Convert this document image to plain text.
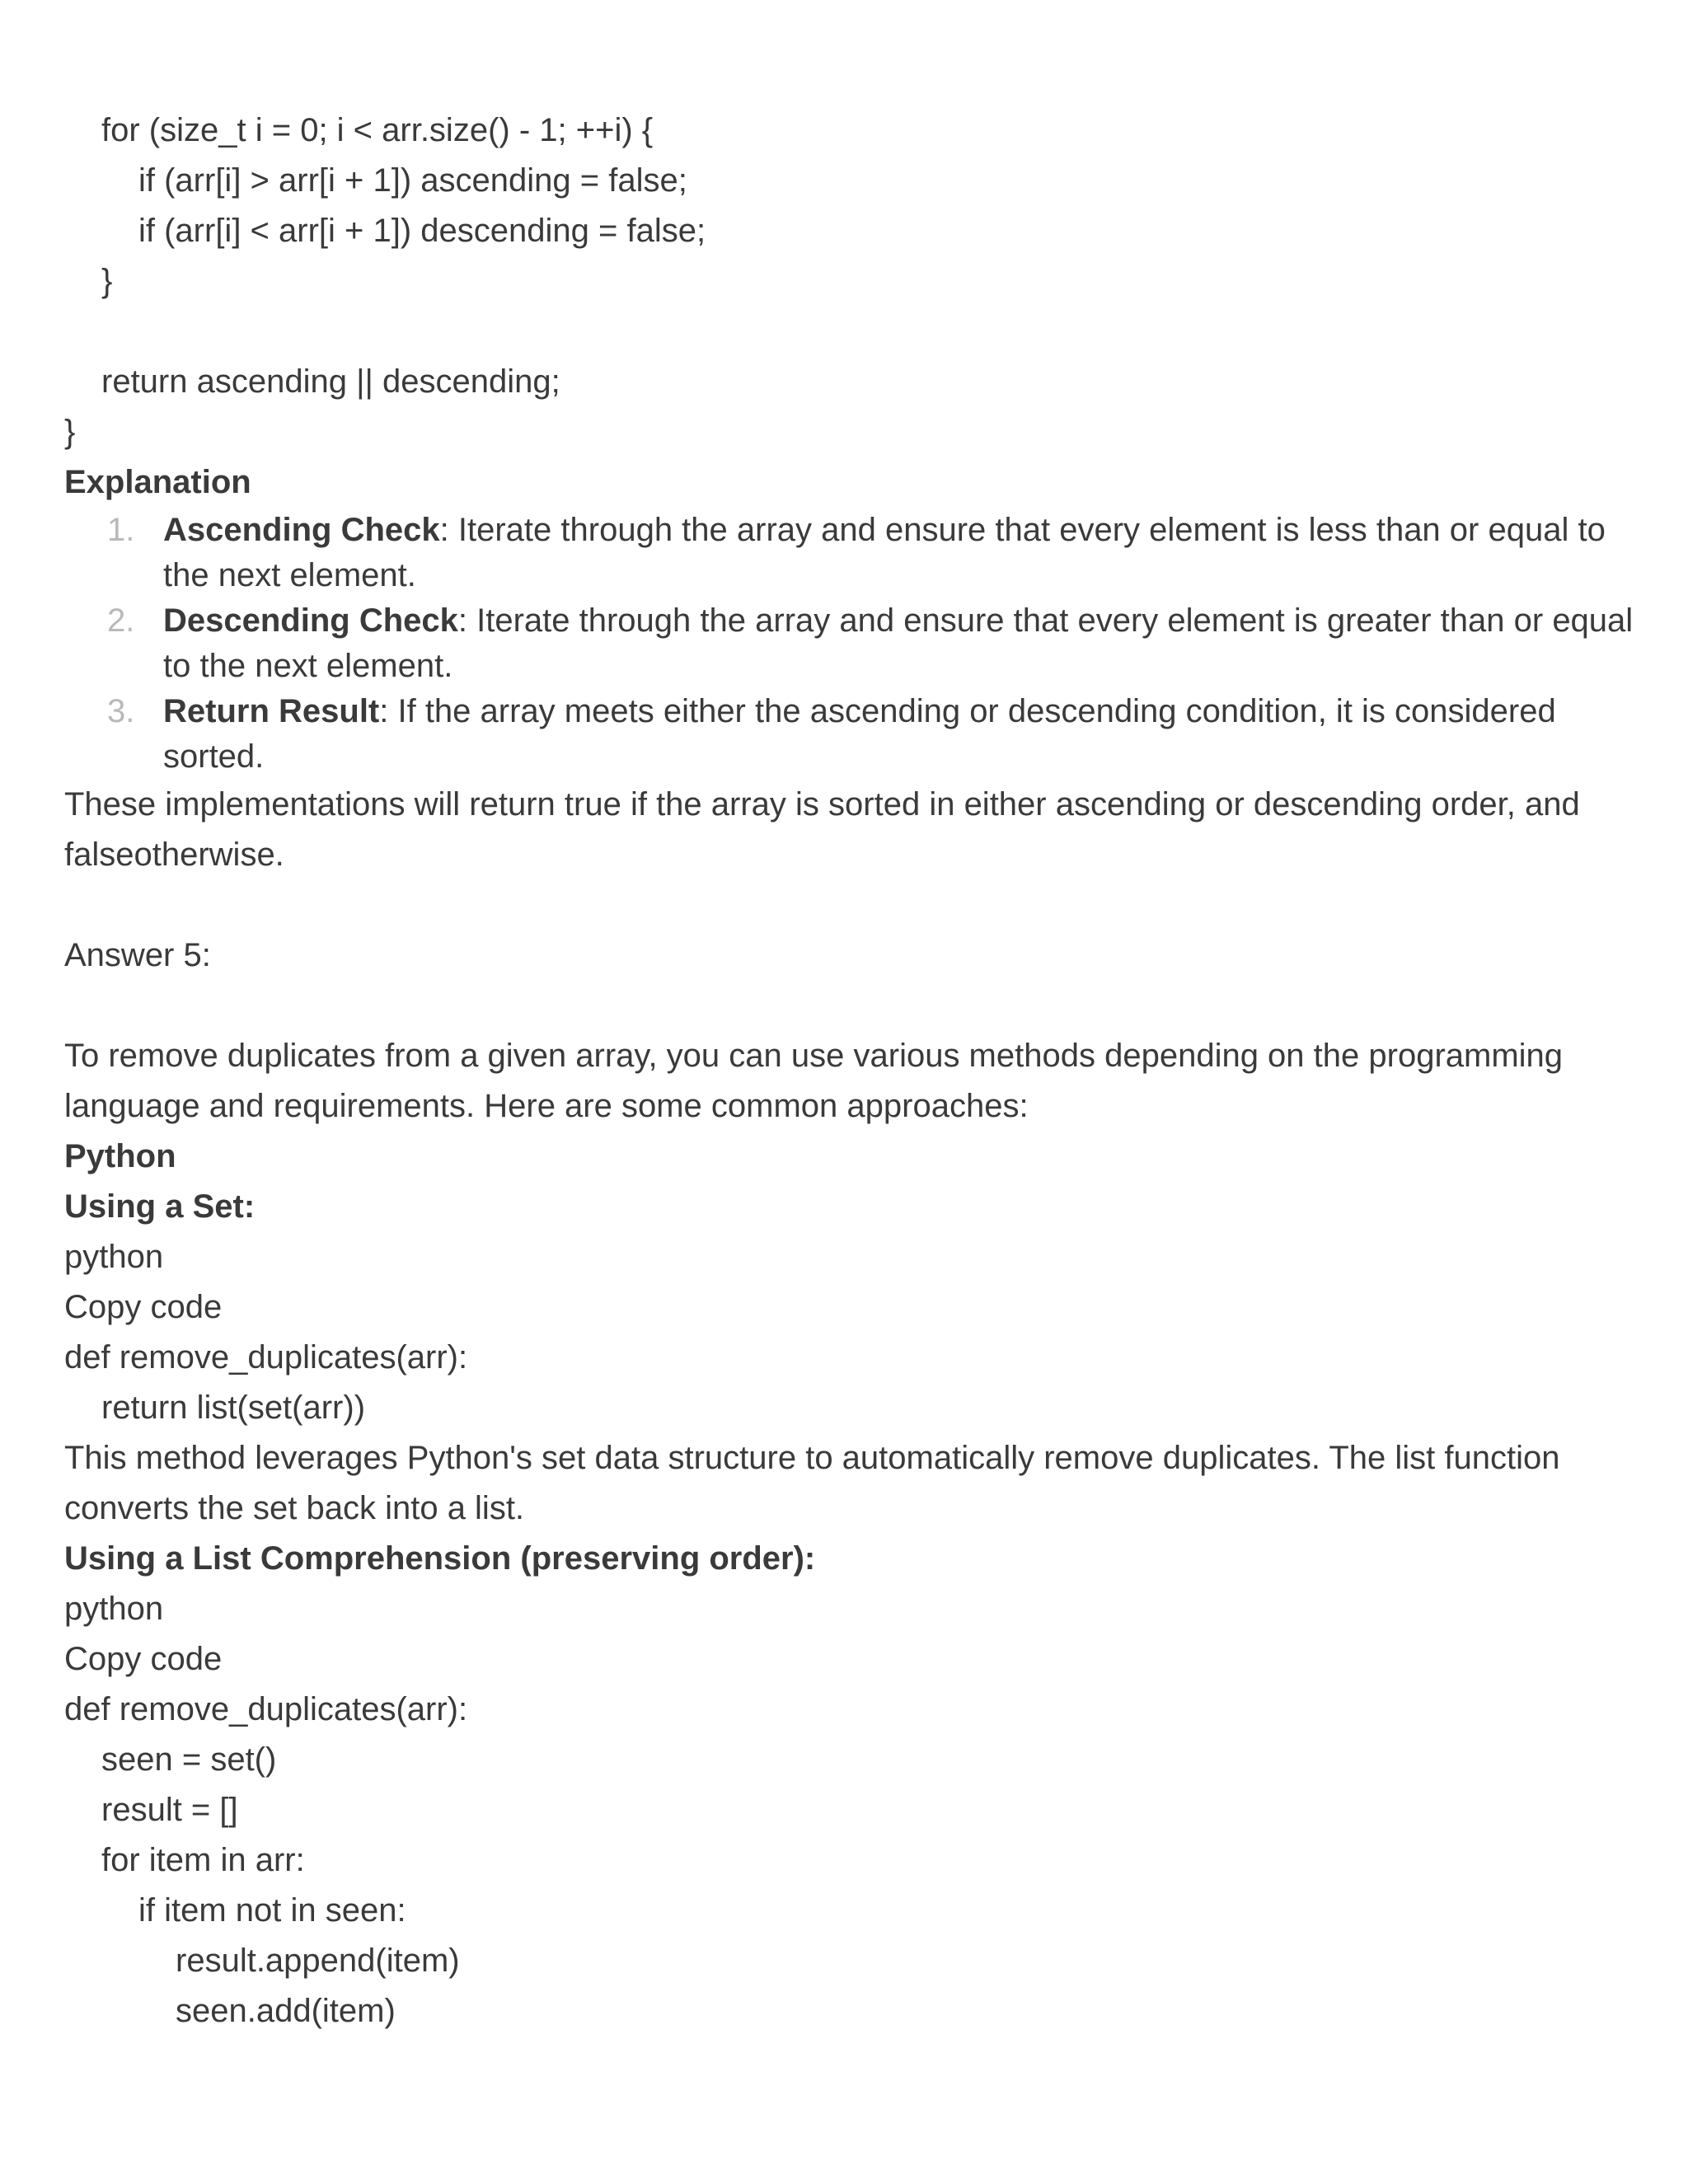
for (size_t i = 0; i < arr.size() - 1; ++i) {
if (arr[i] > arr[i + 1]) ascending = false;
if (arr[i] < arr[i + 1]) descending = false;
}
return ascending || descending;
}
Explanation
1. Ascending Check: Iterate through the array and ensure that every element is less than or equal to the next element.
2. Descending Check: Iterate through the array and ensure that every element is greater than or equal to the next element.
3. Return Result: If the array meets either the ascending or descending condition, it is considered sorted.
These implementations will return true if the array is sorted in either ascending or descending order, and falseotherwise.
Answer 5:
To remove duplicates from a given array, you can use various methods depending on the programming language and requirements. Here are some common approaches:
Python
Using a Set:
python
Copy code
def remove_duplicates(arr):
return list(set(arr))
This method leverages Python's set data structure to automatically remove duplicates. The list function converts the set back into a list.
Using a List Comprehension (preserving order):
python
Copy code
def remove_duplicates(arr):
seen = set()
result = []
for item in arr:
if item not in seen:
result.append(item)
seen.add(item)
